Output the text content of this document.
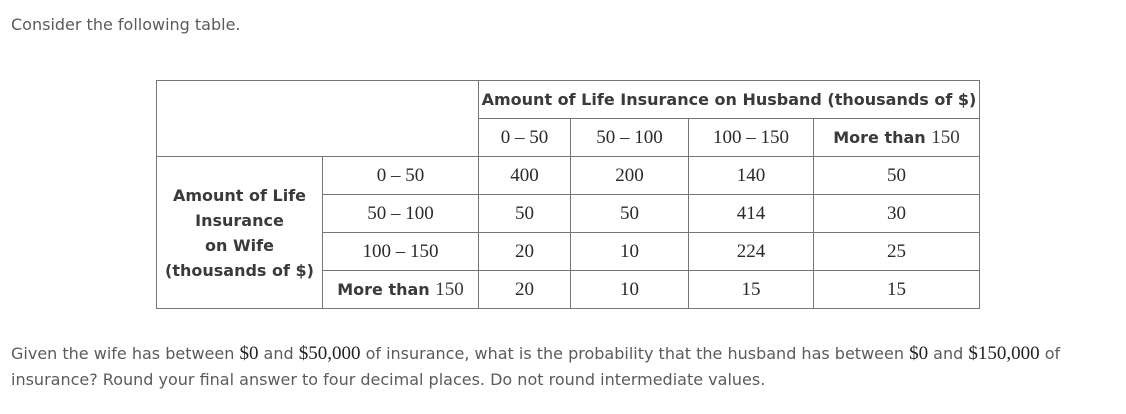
Consider the following table.

		Amount of Life Insurance on Husband (thousands of $)			
		0 – 50	50 – 100	100 – 150	More than 150

Amount of Life
Insurance
on Wife
(thousands of $)	0 – 50	400	200	140	50
	50 – 100	50	50	414	30
	100 – 150	20	10	224	25
	More than 150	20	10	15	15

Given the wife has between $0 and $50,000 of insurance, what is the probability that the husband has between $0 and $150,000 of insurance? Round your final answer to four decimal places. Do not round intermediate values.
